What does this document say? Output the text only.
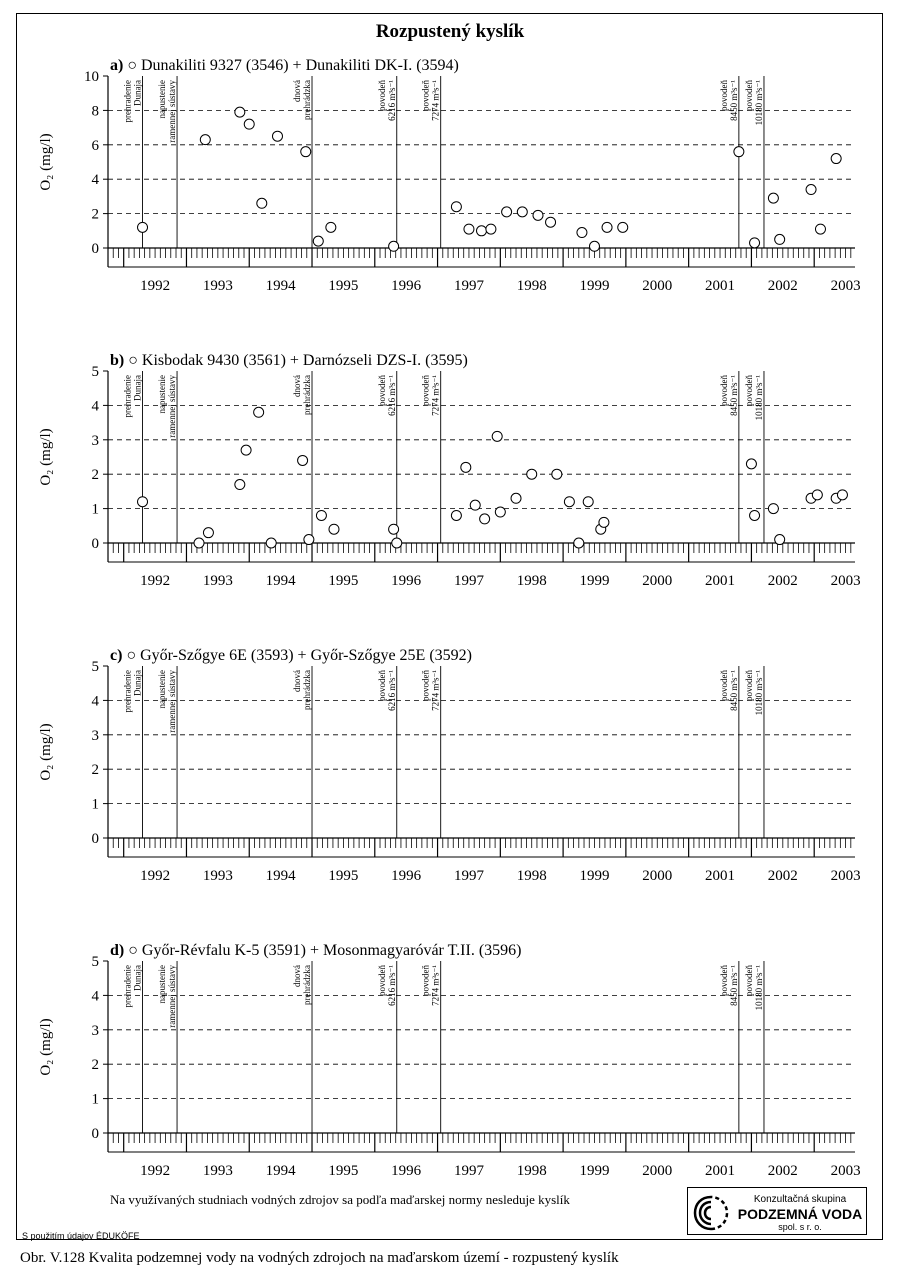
Rozpustený kyslík
a) ○ Dunakiliti 9327 (3546) + Dunakiliti DK-I. (3594)
0
2
4
6
8
10
O₂ (mg/l)
1992 1993 1994 1995 1996 1997 1998 1999 2000 2001 2002 2003
prehradenie Dunaja napustenie ramennej sústavy	dnová prehrádzka	povodeň 6216 m³s⁻¹	povodeň 7274 m³s⁻¹	povodeň 8450 m³s⁻¹ povodeň 10180 m³s⁻¹
b) ○ Kisbodak 9430 (3561) + Darnózseli DZS-I. (3595)
0
1
2
3
4
5
O₂ (mg/l)
1992 1993 1994 1995 1996 1997 1998 1999 2000 2001 2002 2003
prehradenie Dunaja napustenie ramennej sústavy	dnová prehrádzka	povodeň 6216 m³s⁻¹	povodeň 7274 m³s⁻¹	povodeň 8450 m³s⁻¹ povodeň 10180 m³s⁻¹
c) ○ Győr-Szőgye 6E (3593) + Győr-Szőgye 25E (3592)
0
1
2
3
4
5
O₂ (mg/l)
1992 1993 1994 1995 1996 1997 1998 1999 2000 2001 2002 2003
prehradenie Dunaja napustenie ramennej sústavy	dnová prehrádzka	povodeň 6216 m³s⁻¹	povodeň 7274 m³s⁻¹	povodeň 8450 m³s⁻¹ povodeň 10180 m³s⁻¹
d) ○ Győr-Révfalu K-5 (3591) + Mosonmagyaróvár T.II. (3596)
0
1
2
3
4
5
O₂ (mg/l)
1992 1993 1994 1995 1996 1997 1998 1999 2000 2001 2002 2003
prehradenie Dunaja napustenie ramennej sústavy	dnová prehrádzka	povodeň 6216 m³s⁻¹	povodeň 7274 m³s⁻¹	povodeň 8450 m³s⁻¹ povodeň 10180 m³s⁻¹
Na využívaných studniach vodných zdrojov sa podľa maďarskej normy nesleduje kyslík	Konzultačná skupina
PODZEMNÁ VODA
spol. s r. o.
S použitím údajov ÉDUKÖFE
Obr. V.128 Kvalita podzemnej vody na vodných zdrojoch na maďarskom území - rozpustený kyslík
